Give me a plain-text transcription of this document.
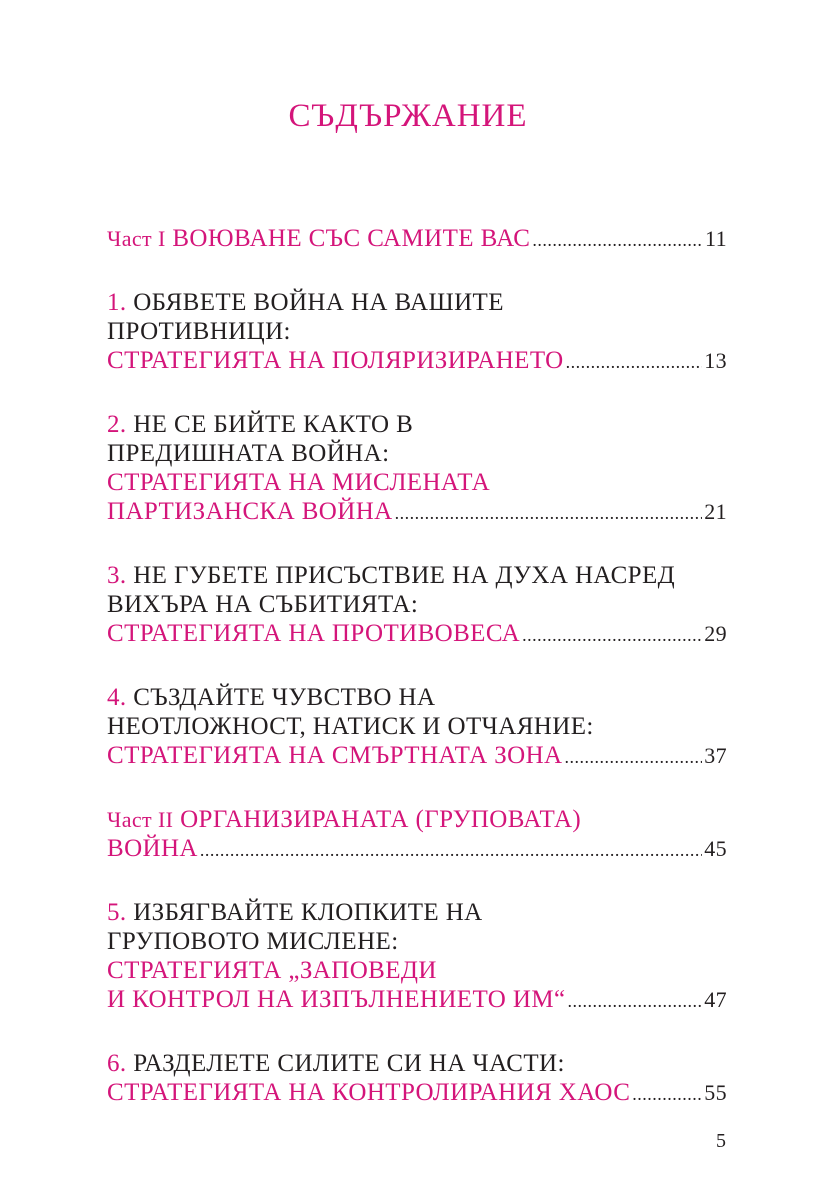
СЪДЪРЖАНИЕ
Част I ВОЮВАНЕ СЪС САМИТЕ ВАС .....	11
1. ОБЯВЕТЕ ВОЙНА НА ВАШИТЕ
ПРОТИВНИЦИ:
СТРАТЕГИЯТА НА ПОЛЯРИЗИРАНЕТО .....	13
2. НЕ СЕ БИЙТЕ КАКТО В
ПРЕДИШНАТА ВОЙНА:
СТРАТЕГИЯТА НА МИСЛЕНАТА
ПАРТИЗАНСКА ВОЙНА .....	21
3. НЕ ГУБЕТЕ ПРИСЪСТВИЕ НА ДУХА НАСРЕД
ВИХЪРА НА СЪБИТИЯТА:
СТРАТЕГИЯТА НА ПРОТИВОВЕСА .....	29
4. СЪЗДАЙТЕ ЧУВСТВО НА
НЕОТЛОЖНОСТ, НАТИСК И ОТЧАЯНИЕ:
СТРАТЕГИЯТА НА СМЪРТНАТА ЗОНА .....	37
Част II ОРГАНИЗИРАНАТА (ГРУПОВАТА)
ВОЙНА .....	45
5. ИЗБЯГВАЙТЕ КЛОПКИТЕ НА
ГРУПОВОТО МИСЛЕНЕ:
СТРАТЕГИЯТА „ЗАПОВЕДИ
И КОНТРОЛ НА ИЗПЪЛНЕНИЕТО ИМ“ .....	47
6. РАЗДЕЛЕТЕ СИЛИТЕ СИ НА ЧАСТИ:
СТРАТЕГИЯТА НА КОНТРОЛИРАНИЯ ХАОС .....	55
5
